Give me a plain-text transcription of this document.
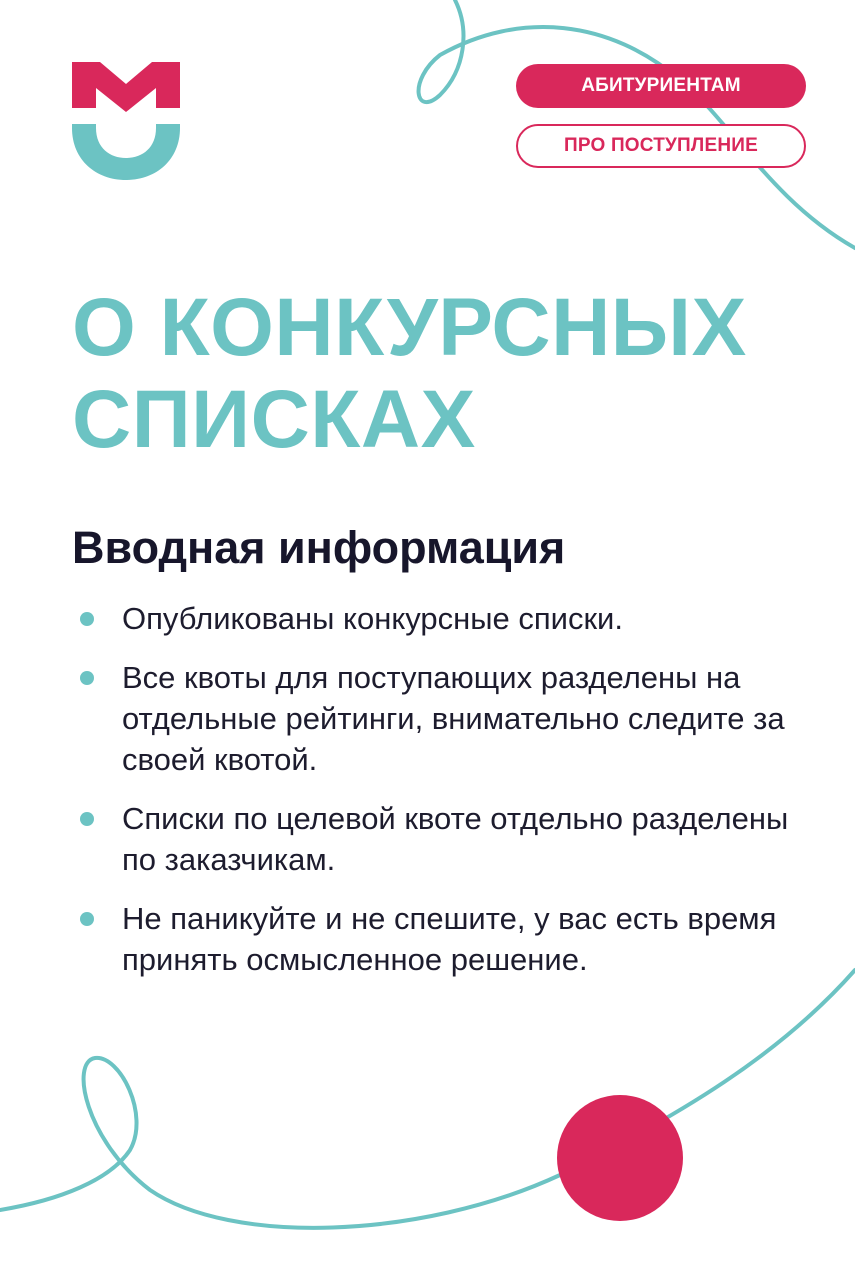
АБИТУРИЕНТАМ
ПРО ПОСТУПЛЕНИЕ
О КОНКУРСНЫХ
СПИСКАХ
Вводная информация
Опубликованы конкурсные списки.
Все квоты для поступающих разделены на отдельные рейтинги, внимательно следите за своей квотой.
Списки по целевой квоте отдельно разделены по заказчикам.
Не паникуйте и не спешите, у вас есть время принять осмысленное решение.
